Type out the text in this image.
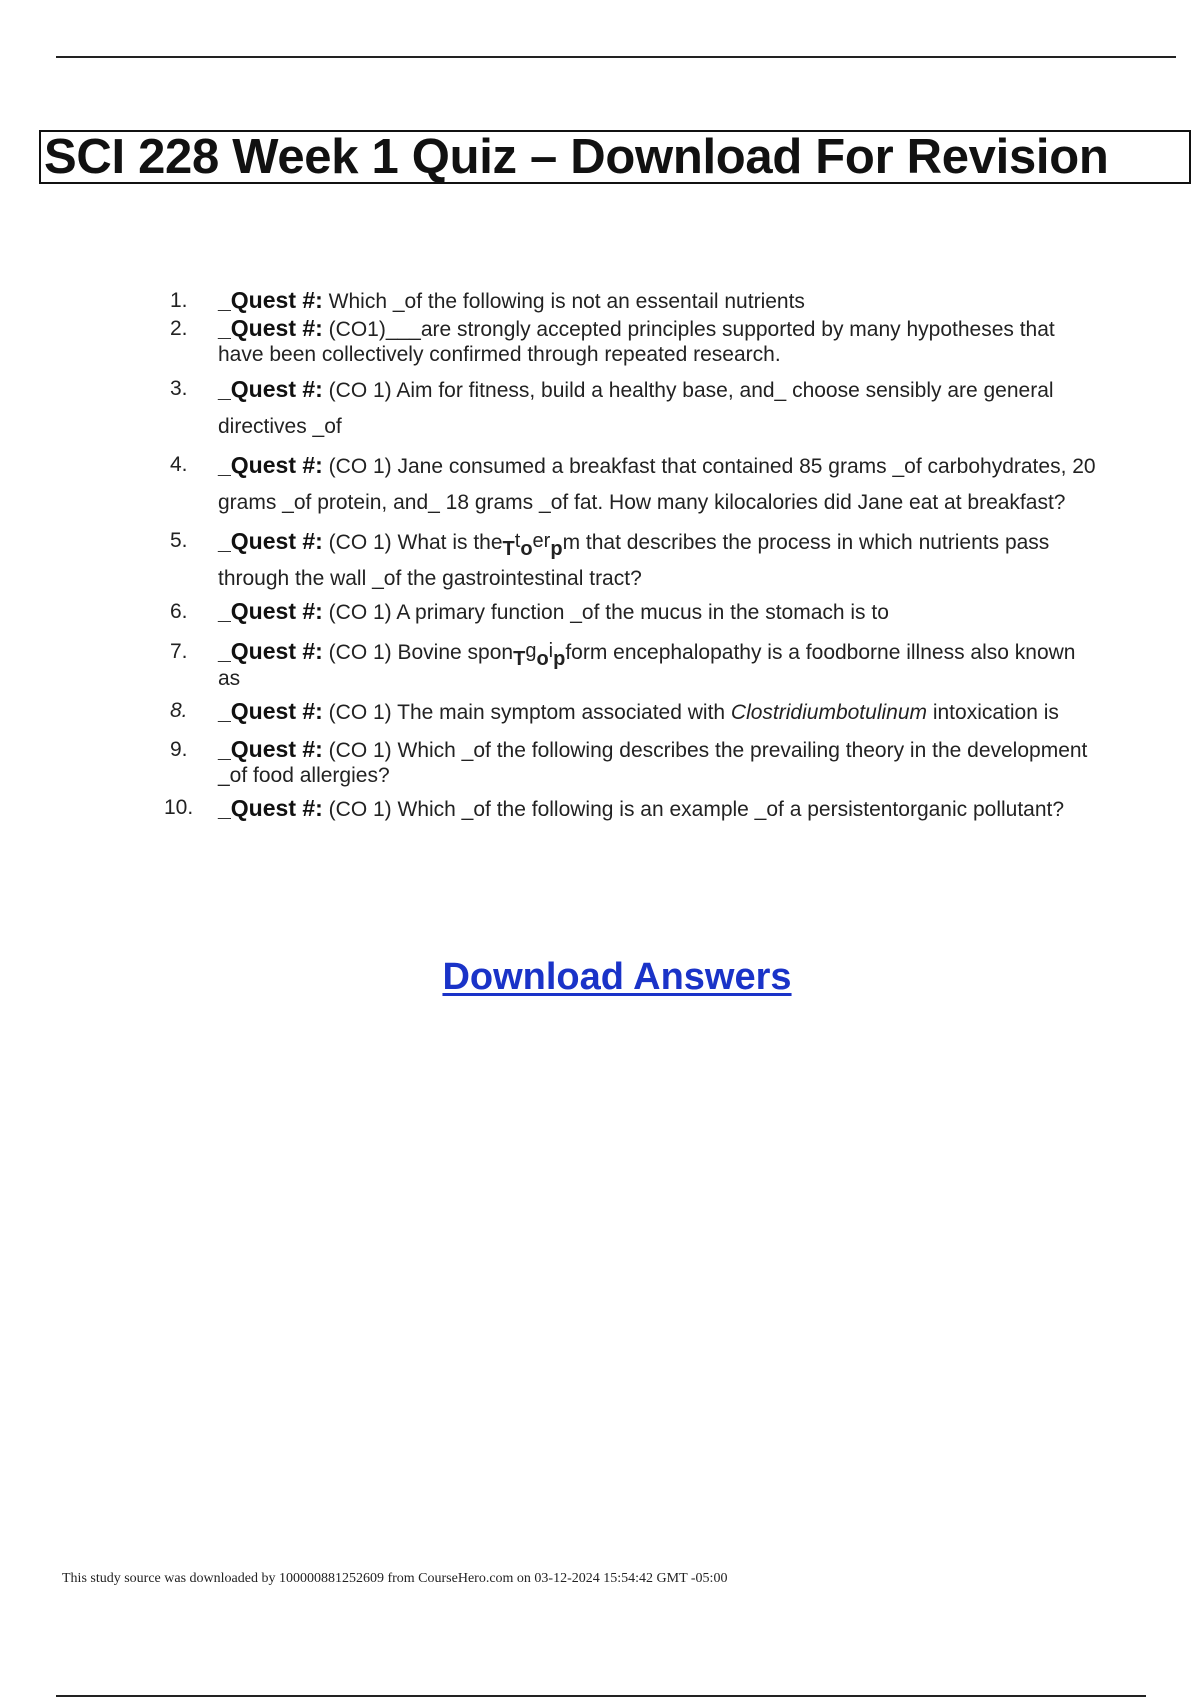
SCI 228 Week 1 Quiz – Download For Revision
1.	_Quest #: Which _of the following is not an essentail nutrients
2.	_Quest #: (CO1)___are strongly accepted principles supported by many hypotheses that have been collectively confirmed through repeated research.
3.	_Quest #: (CO 1) Aim for fitness, build a healthy base, and_ choose sensibly are general directives _of
4.	_Quest #: (CO 1) Jane consumed a breakfast that contained 85 grams _of carbohydrates, 20 grams _of protein, and_ 18 grams _of fat. How many kilocalories did Jane eat at breakfast?
5.	_Quest #: (CO 1) What is theTtoerpm that describes the process in which nutrients pass through the wall _of the gastrointestinal tract?
6.	_Quest #: (CO 1) A primary function _of the mucus in the stomach is to
7.	_Quest #: (CO 1) Bovine sponTgoipform encephalopathy is a foodborne illness also known as
8.	_Quest #: (CO 1) The main symptom associated with Clostridiumbotulinum intoxication is
9.	_Quest #: (CO 1) Which _of the following describes the prevailing theory in the development _of food allergies?
10.	_Quest #: (CO 1) Which _of the following is an example _of a persistentorganic pollutant?
Download Answers
This study source was downloaded by 100000881252609 from CourseHero.com on 03-12-2024 15:54:42 GMT -05:00
